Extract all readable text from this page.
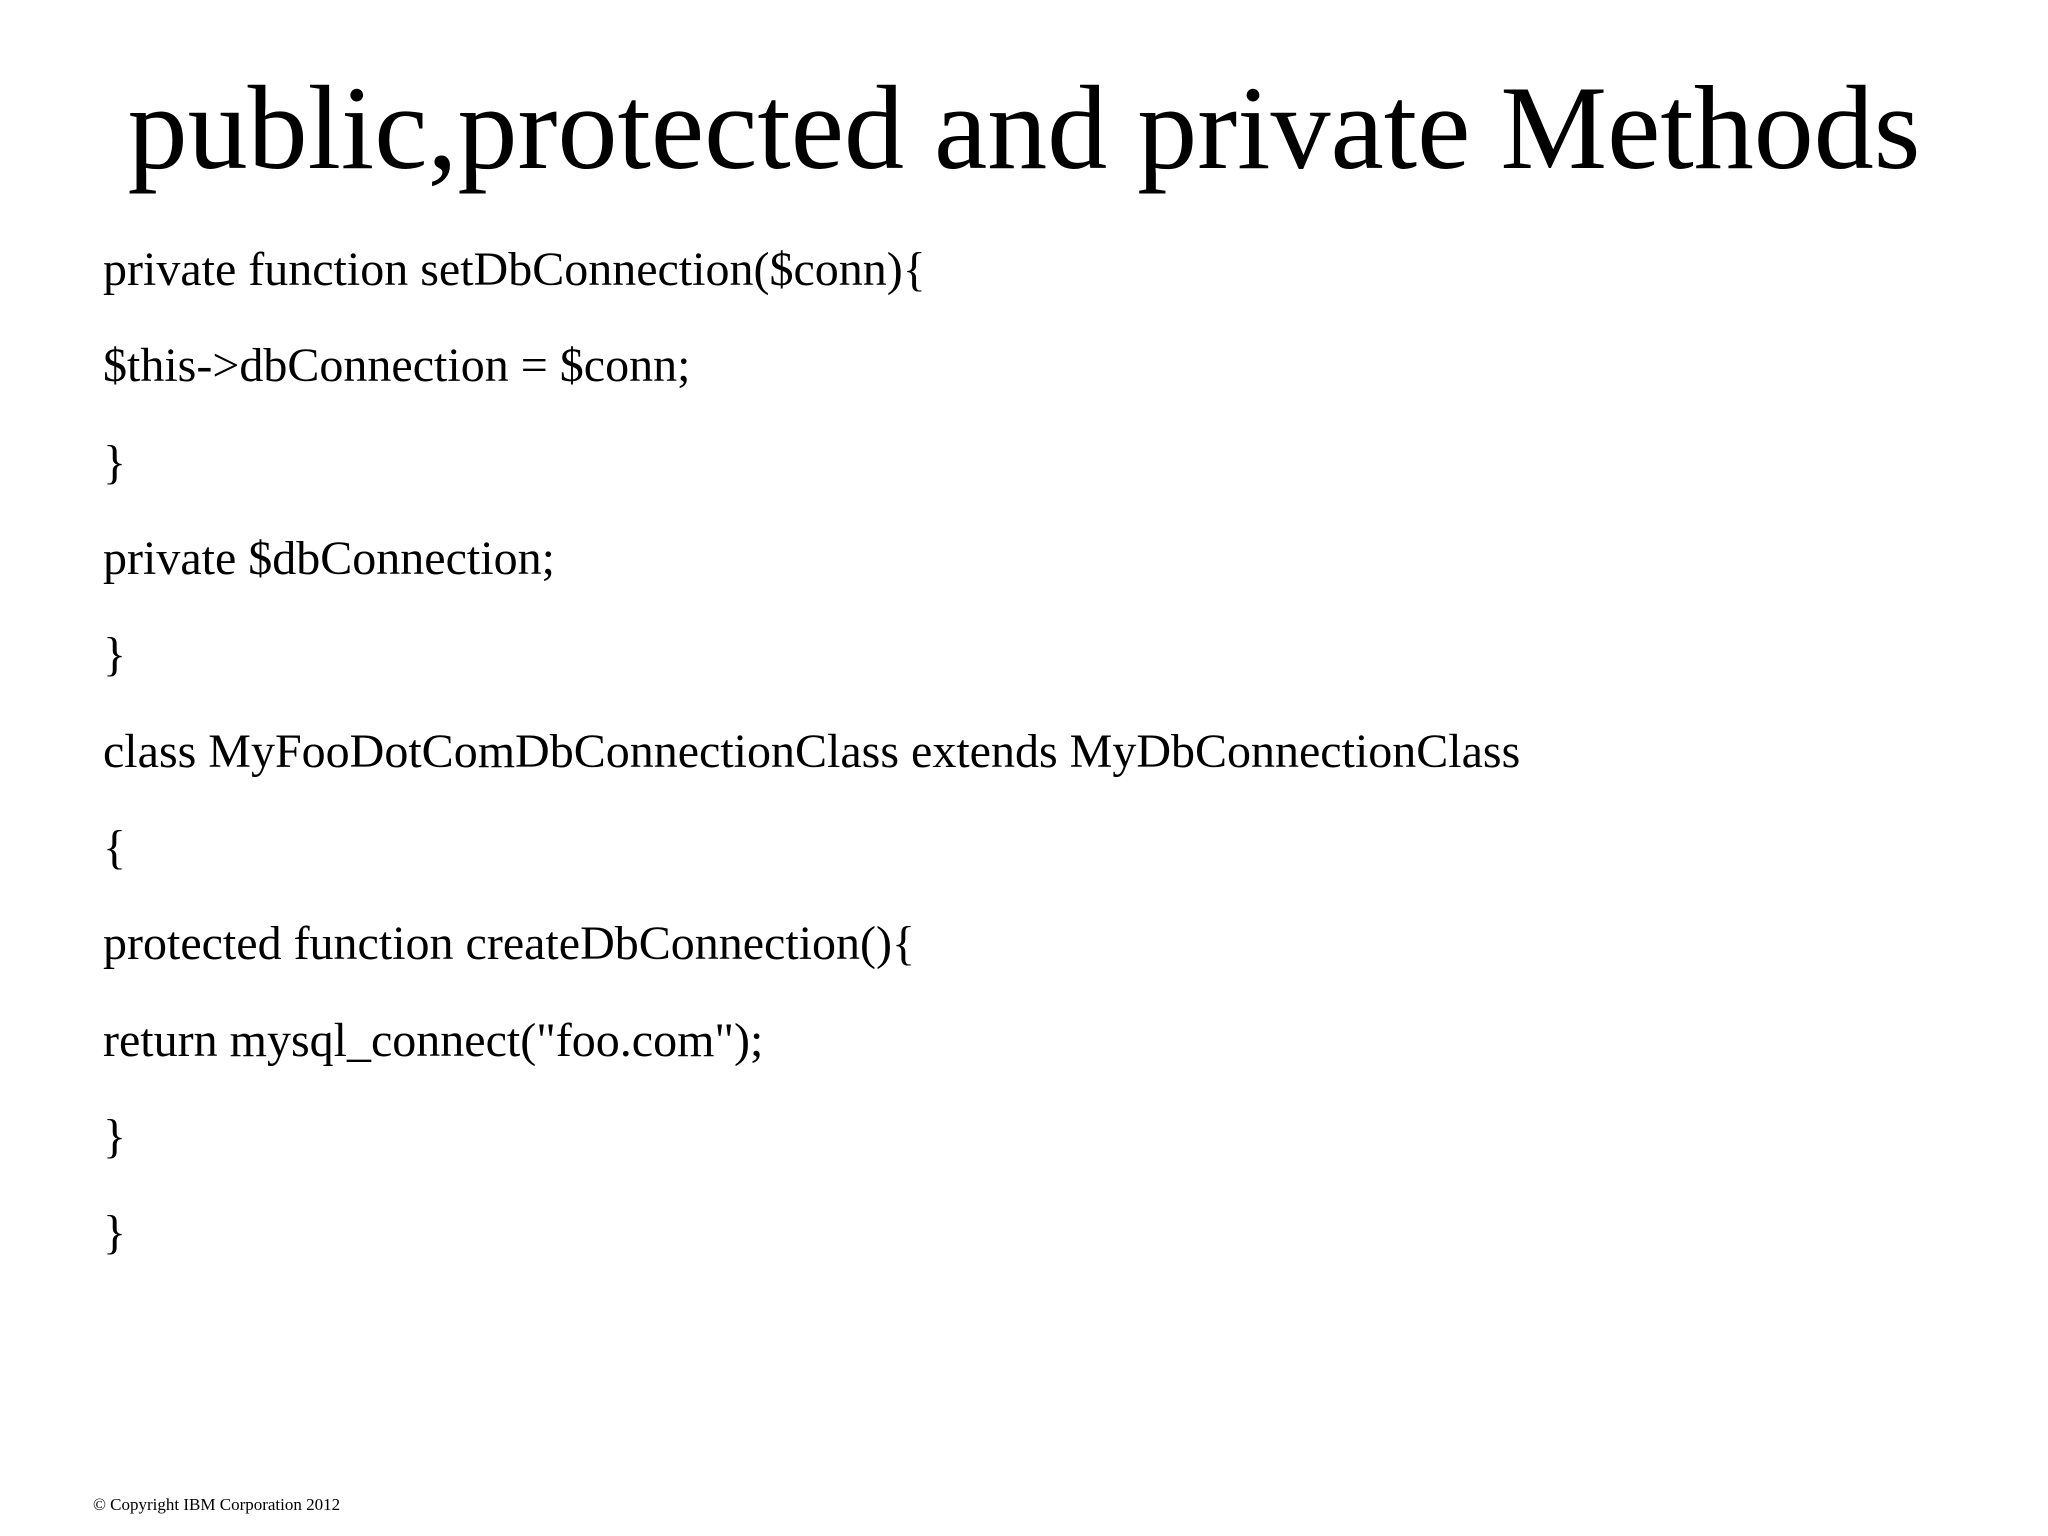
public,protected and private Methods
private function setDbConnection($conn){
$this->dbConnection = $conn;
}
private $dbConnection;
}
class MyFooDotComDbConnectionClass extends MyDbConnectionClass
{
protected function createDbConnection(){
return mysql_connect("foo.com");
}
}
© Copyright IBM Corporation 2012
